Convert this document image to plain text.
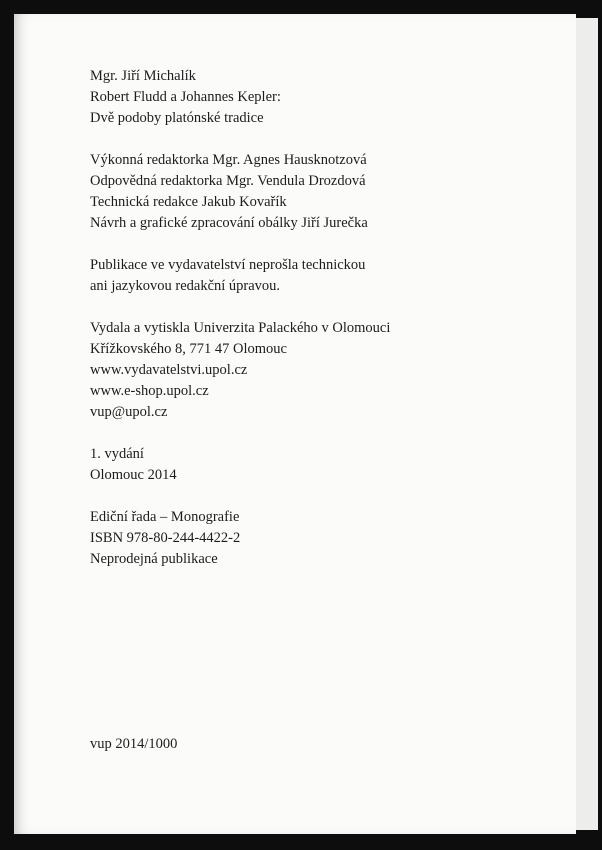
Mgr. Jiří Michalík
Robert Fludd a Johannes Kepler:
Dvě podoby platónské tradice
Výkonná redaktorka Mgr. Agnes Hausknotzová
Odpovědná redaktorka Mgr. Vendula Drozdová
Technická redakce Jakub Kovařík
Návrh a grafické zpracování obálky Jiří Jurečka
Publikace ve vydavatelství neprošla technickou
ani jazykovou redakční úpravou.
Vydala a vytiskla Univerzita Palackého v Olomouci
Křížkovského 8, 771 47 Olomouc
www.vydavatelstvi.upol.cz
www.e-shop.upol.cz
vup@upol.cz
1. vydání
Olomouc 2014
Ediční řada – Monografie
ISBN 978-80-244-4422-2
Neprodejná publikace
vup 2014/1000
